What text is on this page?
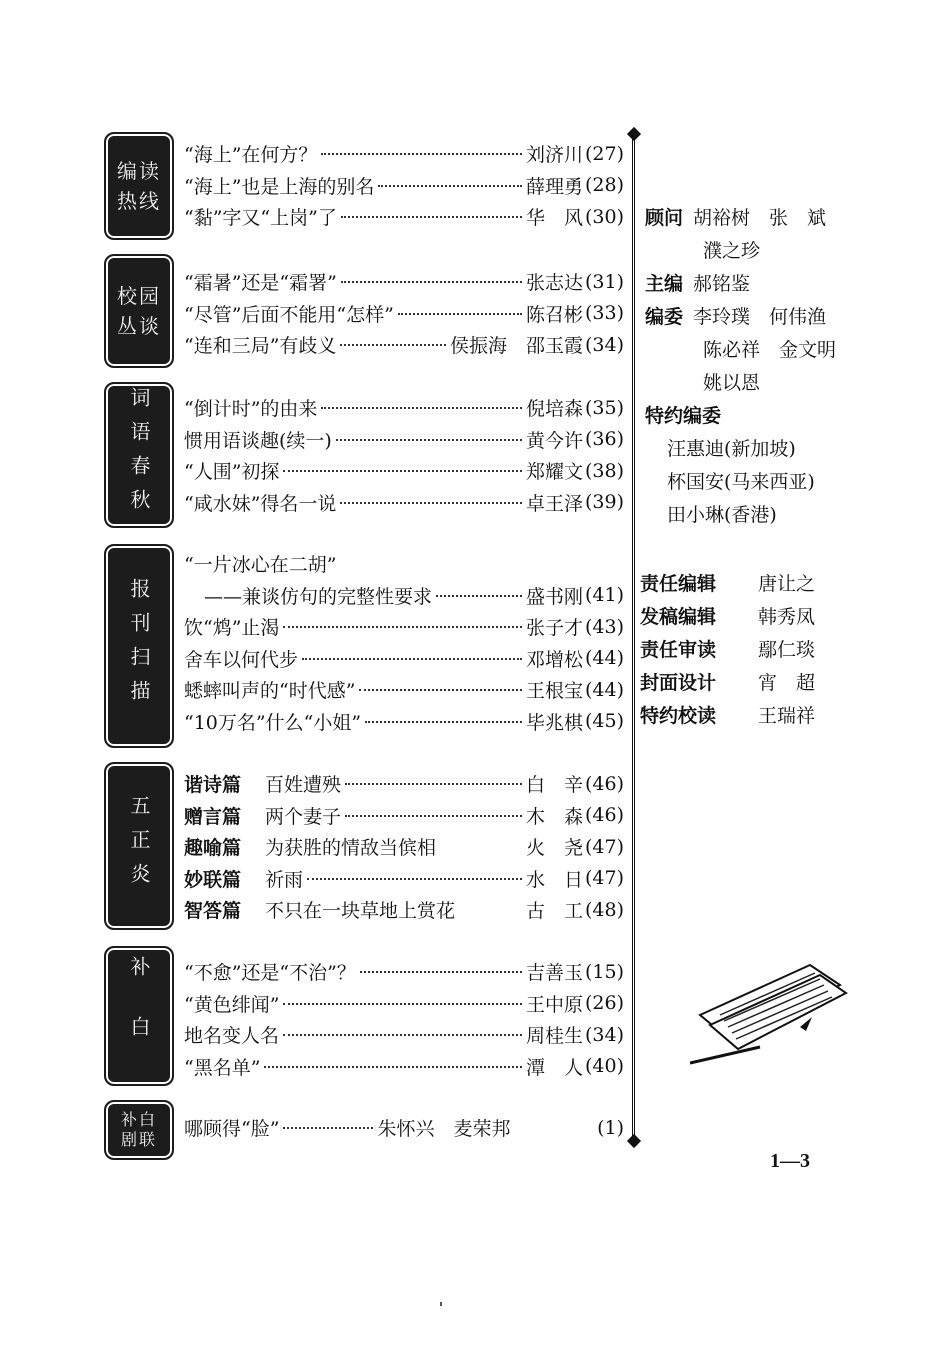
编读
热线
“海上”在何方？	刘济川 (27)
“海上”也是上海的别名	薛理勇 (28)
“黏”字又“上岗”了	华　风 (30)
校园
丛谈
“霜暑”还是“霜署”	张志达 (31)
“尽管”后面不能用“怎样”	陈召彬 (33)
“连和三局”有歧义	侯振海　邵玉霞 (34)
词语春秋	“倒计时”的由来	倪培森 (35)
惯用语谈趣(续一)	黄今许 (36)
“人围”初探	郑耀文 (38)
“咸水妹”得名一说	卓王泽 (39)
报刊扫描
“一片冰心在二胡”
——兼谈仿句的完整性要求	盛书刚 (41)
饮“鸩”止渴	张子才 (43)
舍车以何代步	邓增松 (44)
蟋蟀叫声的“时代感”	王根宝 (44)
“10万名”什么“小姐”	毕兆棋 (45)
五正炎
谐诗篇 百姓遭殃	白　辛 (46)
赠言篇 两个妻子	木　森 (46)
趣喻篇 为获胜的情敌当傧相	火　尧 (47)
妙联篇 祈雨	水　日 (47)
智答篇 不只在一块草地上赏花	古　工 (48)
补白	“不愈”还是“不治”？	吉善玉 (15)
“黄色绯闻”	王中原 (26)
地名变人名	周桂生 (34)
“黑名单”	潭　人 (40)
补白
剧联 哪顾得“脸”	朱怀兴　麦荣邦	(1)
顾问 胡裕树　张　斌
濮之珍
主编 郝铭鉴
编委 李玲璞　何伟渔
陈必祥　金文明
姚以恩
特约编委
汪惠迪(新加坡)
杯国安(马来西亚)
田小琳(香港)
责任编辑	唐让之
发稿编辑	韩秀凤
责任审读	鄢仁琰
封面设计	宵　超
特约校读	王瑞祥
1—3
